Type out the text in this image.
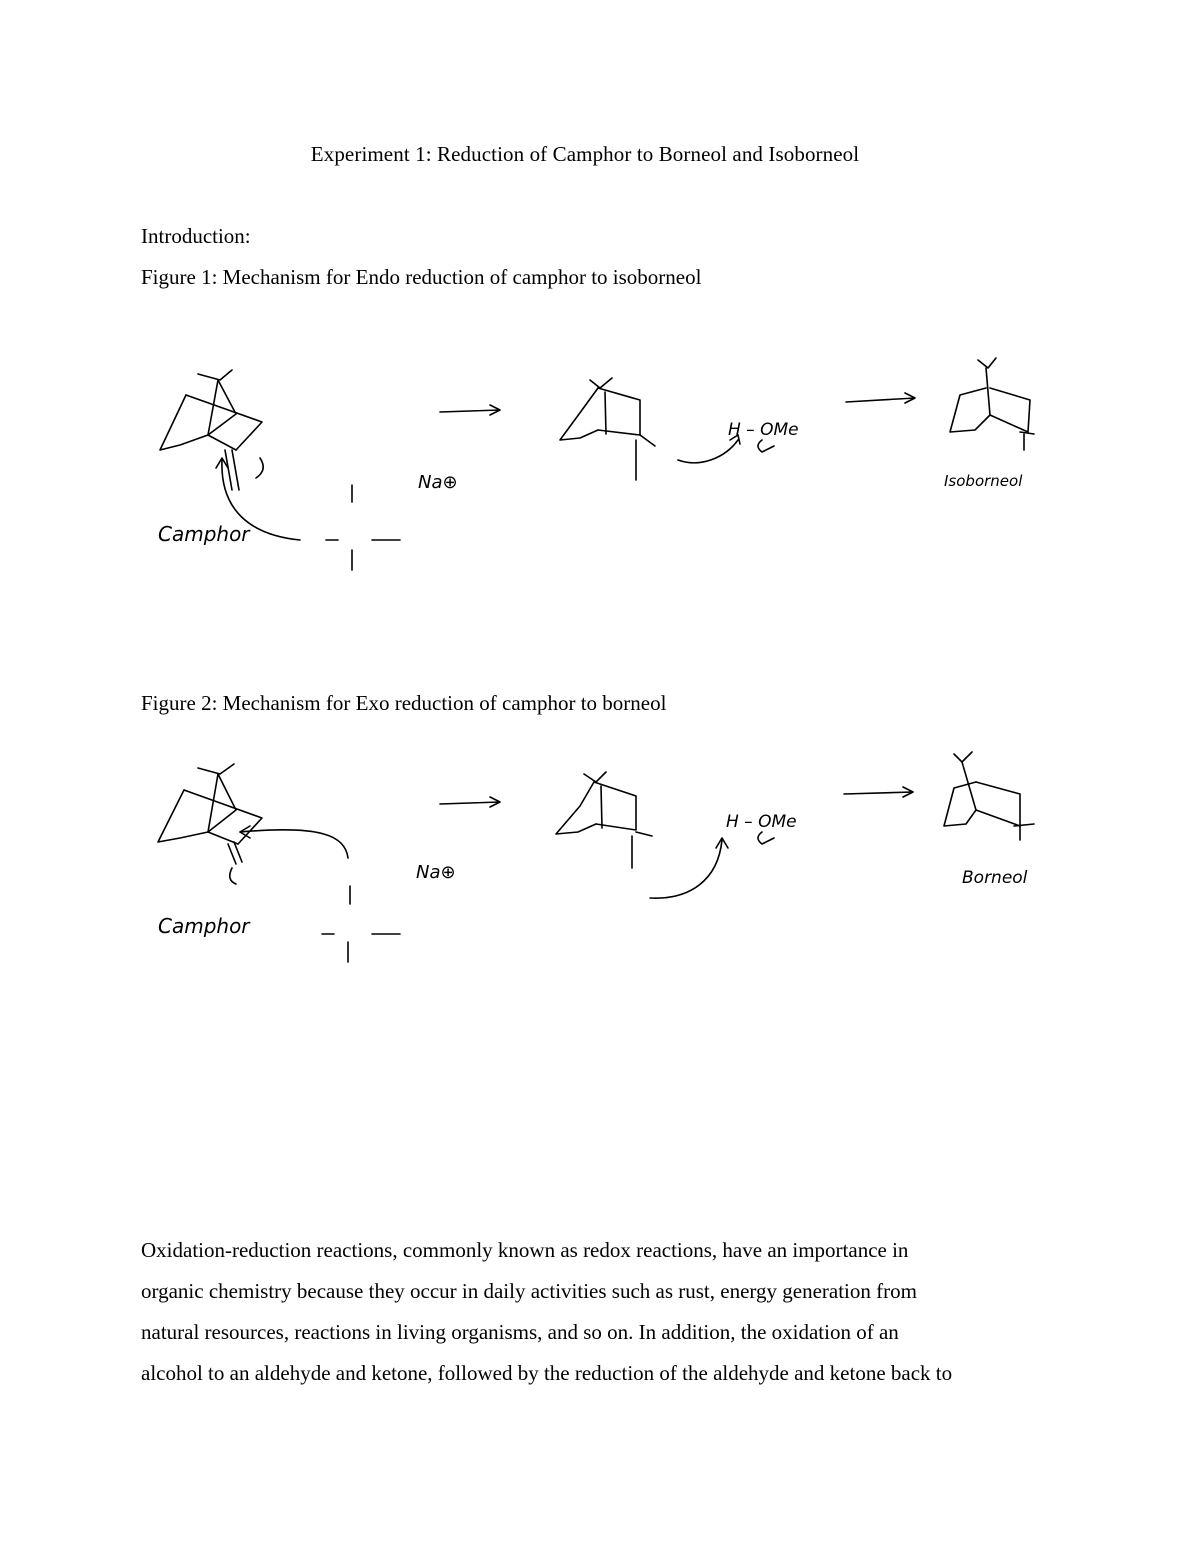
Experiment 1: Reduction of Camphor to Borneol and Isoborneol
Introduction:
Figure 1: Mechanism for Endo reduction of camphor to isoborneol
Camphor
Isoborneol
Na⊕
H – OMe
Figure 2: Mechanism for Exo reduction of camphor to borneol
Camphor
Borneol
Na⊕
H – OMe

Oxidation-reduction reactions, commonly known as redox reactions, have an importance in

organic chemistry because they occur in daily activities such as rust, energy generation from

natural resources, reactions in living organisms, and so on. In addition, the oxidation of an

alcohol to an aldehyde and ketone, followed by the reduction of the aldehyde and ketone back to
